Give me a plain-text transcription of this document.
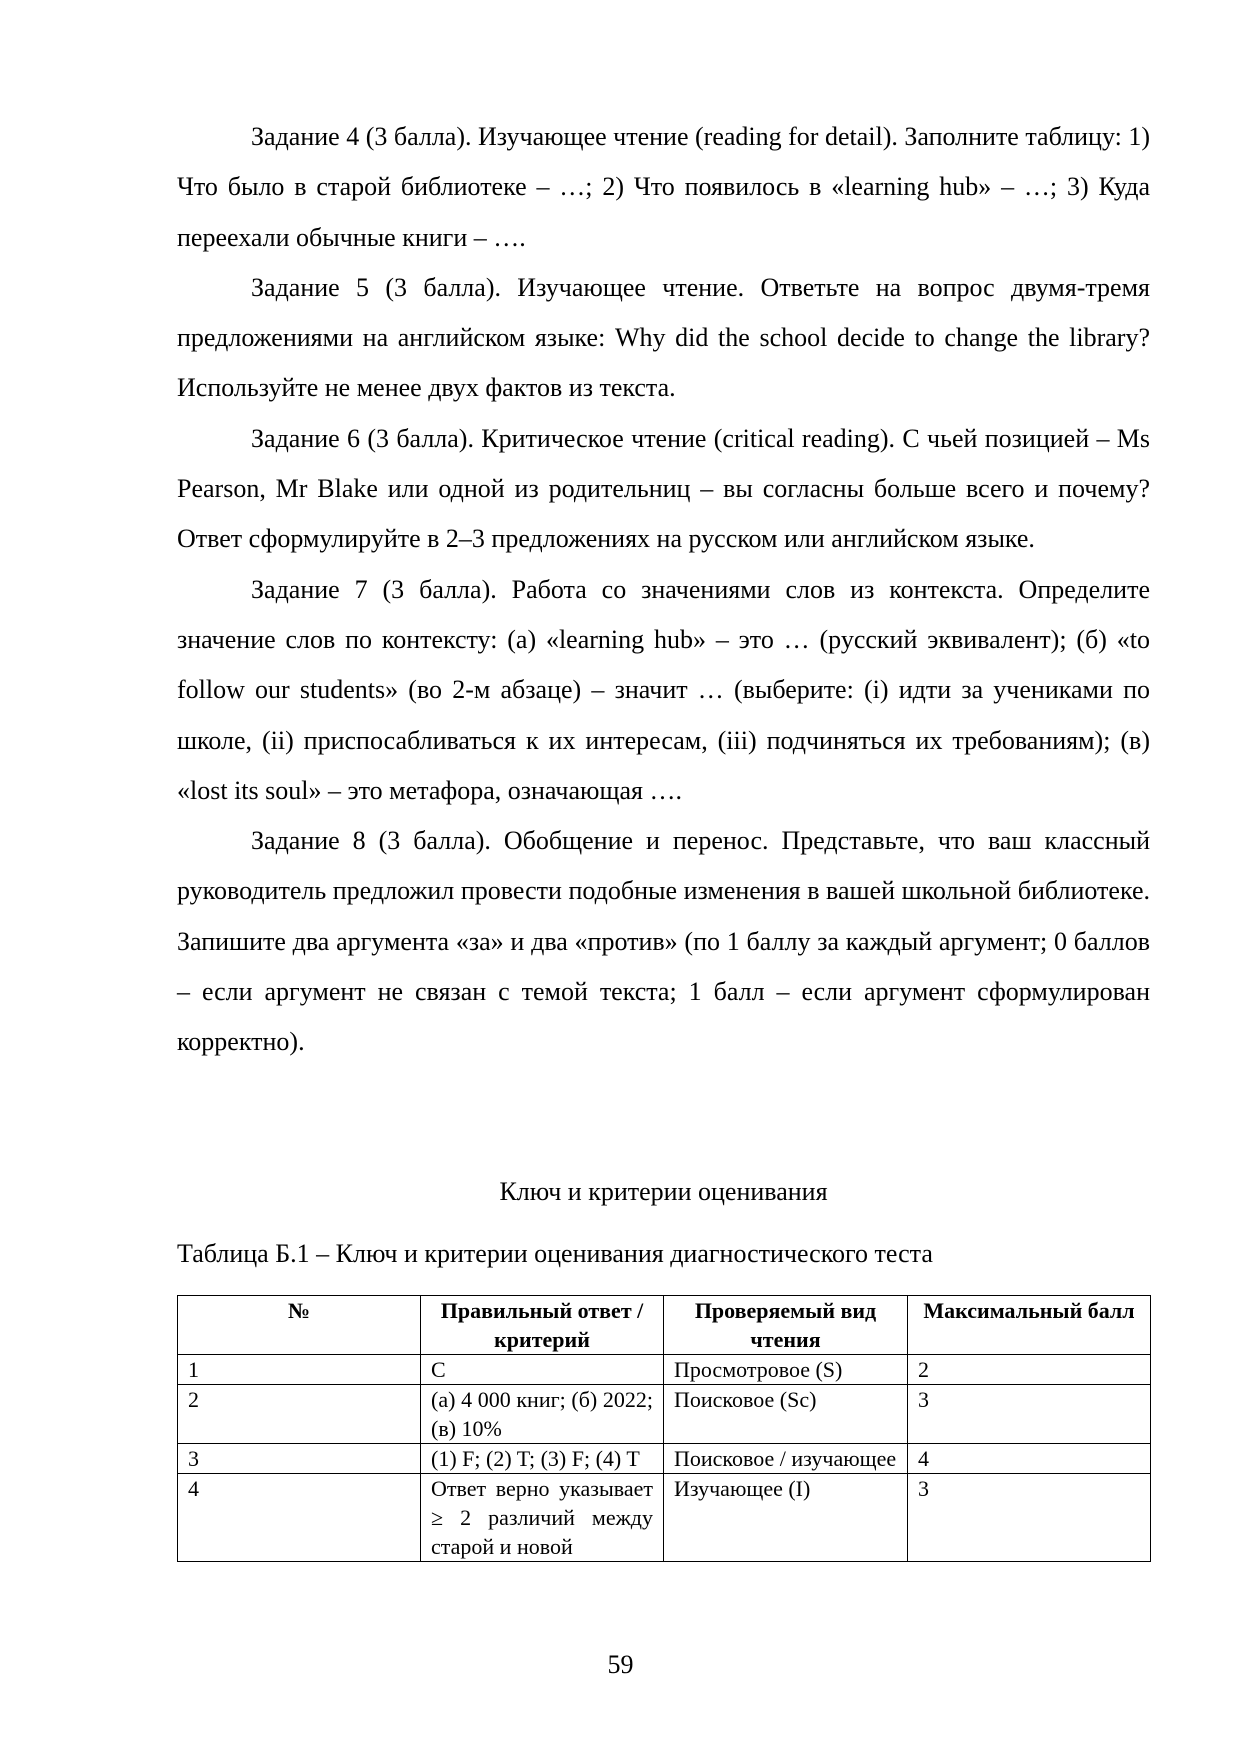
Задание 4 (3 балла). Изучающее чтение (reading for detail). Заполните таблицу: 1) Что было в старой библиотеке – …; 2) Что появилось в «learning hub» – …; 3) Куда переехали обычные книги – ….

Задание 5 (3 балла). Изучающее чтение. Ответьте на вопрос двумя-тремя предложениями на английском языке: Why did the school decide to change the library? Используйте не менее двух фактов из текста.

Задание 6 (3 балла). Критическое чтение (critical reading). С чьей позицией – Ms Pearson, Mr Blake или одной из родительниц – вы согласны больше всего и почему? Ответ сформулируйте в 2–3 предложениях на русском или английском языке.

Задание 7 (3 балла). Работа со значениями слов из контекста. Определите значение слов по контексту: (а) «learning hub» – это … (русский эквивалент); (б) «to follow our students» (во 2-м абзаце) – значит … (выберите: (i) идти за учениками по школе, (ii) приспосабливаться к их интересам, (iii) подчиняться их требованиям); (в) «lost its soul» – это метафора, означающая ….

Задание 8 (3 балла). Обобщение и перенос. Представьте, что ваш классный руководитель предложил провести подобные изменения в вашей школьной библиотеке. Запишите два аргумента «за» и два «против» (по 1 баллу за каждый аргумент; 0 баллов – если аргумент не связан с темой текста; 1 балл – если аргумент сформулирован корректно).

Ключ и критерии оценивания
Таблица Б.1 – Ключ и критерии оценивания диагностического теста
№	Правильный ответ / критерий	Проверяемый вид чтения	Максимальный балл
1	C	Просмотровое (S)	2
2	(а) 4 000 книг; (б) 2022; (в) 10%	Поисковое (Sc)	3
3	(1) F; (2) T; (3) F; (4) T	Поисковое / изучающее	4
4	Ответ верно указывает ≥ 2 различий между старой и новой	Изучающее (I)	3
59
